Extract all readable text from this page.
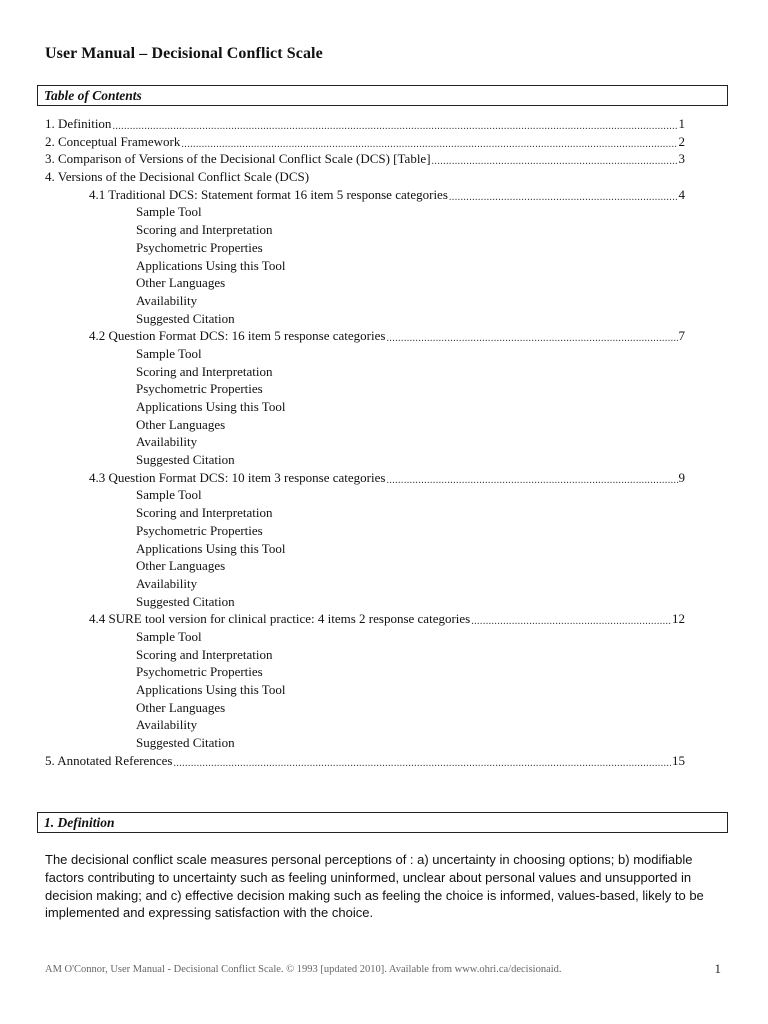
User Manual – Decisional Conflict Scale
Table of Contents
1. Definition .....	1
2. Conceptual Framework .....	2
3. Comparison of Versions of the Decisional Conflict Scale (DCS) [Table] .....	3
4. Versions of the Decisional Conflict Scale (DCS)
4.1 Traditional DCS: Statement format 16 item 5 response categories .....	4
Sample Tool
Scoring and Interpretation
Psychometric Properties
Applications Using this Tool
Other Languages
Availability
Suggested Citation
4.2 Question Format DCS: 16 item 5 response categories .....	7
Sample Tool
Scoring and Interpretation
Psychometric Properties
Applications Using this Tool
Other Languages
Availability
Suggested Citation
4.3 Question Format DCS: 10 item 3 response categories .....	9
Sample Tool
Scoring and Interpretation
Psychometric Properties
Applications Using this Tool
Other Languages
Availability
Suggested Citation
4.4 SURE tool version for clinical practice: 4 items 2 response categories .....	12
Sample Tool
Scoring and Interpretation
Psychometric Properties
Applications Using this Tool
Other Languages
Availability
Suggested Citation
5. Annotated References .....	15
1. Definition
The decisional conflict scale measures personal perceptions of : a) uncertainty in choosing options; b) modifiable factors contributing to uncertainty such as feeling uninformed, unclear about personal values and unsupported in decision making; and c) effective decision making such as feeling the choice is informed, values-based, likely to be implemented and expressing satisfaction with the choice.
AM O'Connor, User Manual - Decisional Conflict Scale. © 1993 [updated 2010]. Available from www.ohri.ca/decisionaid.	1
